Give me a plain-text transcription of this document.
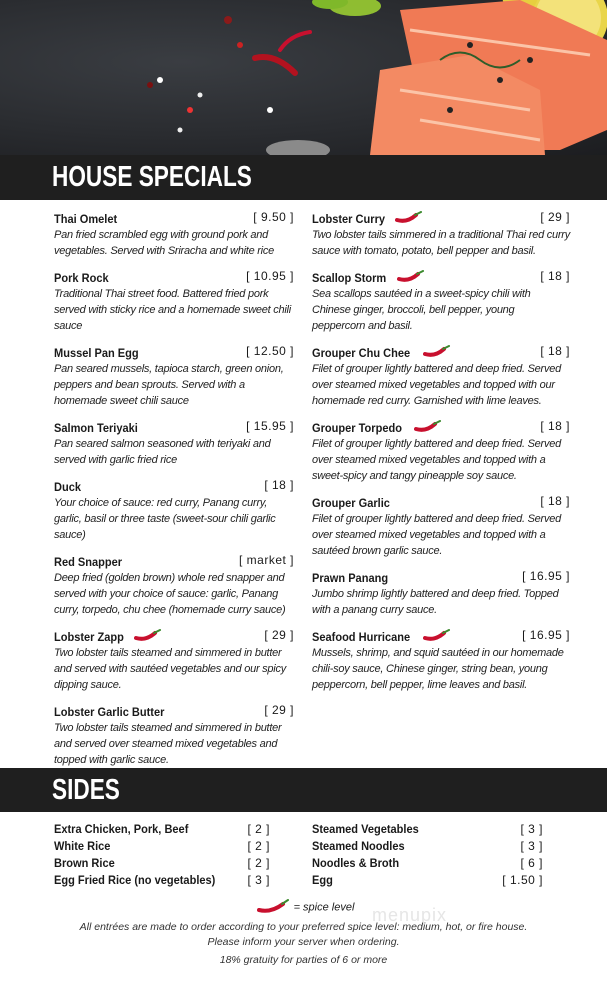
HOUSE SPECIALS
Thai Omelet	[ 9.50 ]
Pan fried scrambled egg with ground pork and vegetables. Served with Sriracha and white rice
Pork Rock	[ 10.95 ]
Traditional Thai street food. Battered fried pork served with sticky rice and a homemade sweet chili sauce
Mussel Pan Egg	[ 12.50 ]
Pan seared mussels, tapioca starch, green onion, peppers and bean sprouts. Served with a homemade sweet chili sauce
Salmon Teriyaki	[ 15.95 ]
Pan seared salmon seasoned with teriyaki and served with garlic fried rice
Duck	[ 18 ]
Your choice of sauce: red curry, Panang curry, garlic, basil or three taste (sweet-sour chili garlic sauce)
Red Snapper	[ market ]
Deep fried (golden brown) whole red snapper and served with your choice of sauce: garlic, Panang curry, torpedo, chu chee (homemade curry sauce)
Lobster Zapp	[ 29 ]
Two lobster tails steamed and simmered in butter and served with sautéed vegetables and our spicy dipping sauce.
Lobster Garlic Butter	[ 29 ]
Two lobster tails steamed and simmered in butter and served over steamed mixed vegetables and topped with garlic sauce.
Lobster Curry	[ 29 ]
Two lobster tails simmered in a traditional Thai red curry sauce with tomato, potato, bell pepper and basil.
Scallop Storm	[ 18 ]
Sea scallops sautéed in a sweet-spicy chili with Chinese ginger, broccoli, bell pepper, young peppercorn and basil.
Grouper Chu Chee	[ 18 ]
Filet of grouper lightly battered and deep fried. Served over steamed mixed vegetables and topped with our homemade red curry. Garnished with lime leaves.
Grouper Torpedo	[ 18 ]
Filet of grouper lightly battered and deep fried. Served over steamed mixed vegetables and topped with a sweet-spicy and tangy pineapple soy sauce.
Grouper Garlic	[ 18 ]
Filet of grouper lightly battered and deep fried. Served over steamed mixed vegetables and topped with a sautéed brown garlic sauce.
Prawn Panang	[ 16.95 ]
Jumbo shrimp lightly battered and deep fried. Topped with a panang curry sauce.
Seafood Hurricane	[ 16.95 ]
Mussels, shrimp, and squid sautéed in our homemade chili-soy sauce, Chinese ginger, string bean, young peppercorn, bell pepper, lime leaves and basil.
SIDES
Extra Chicken, Pork, Beef	[ 2 ]
White Rice	[ 2 ]
Brown Rice	[ 2 ]
Egg Fried Rice (no vegetables)	[ 3 ]
Steamed Vegetables	[ 3 ]
Steamed Noodles	[ 3 ]
Noodles & Broth	[ 6 ]
Egg	[ 1.50 ]
menupix
= spice level
All entrées are made to order according to your preferred spice level: medium, hot, or fire house.
Please inform your server when ordering.
18% gratuity for parties of 6 or more
